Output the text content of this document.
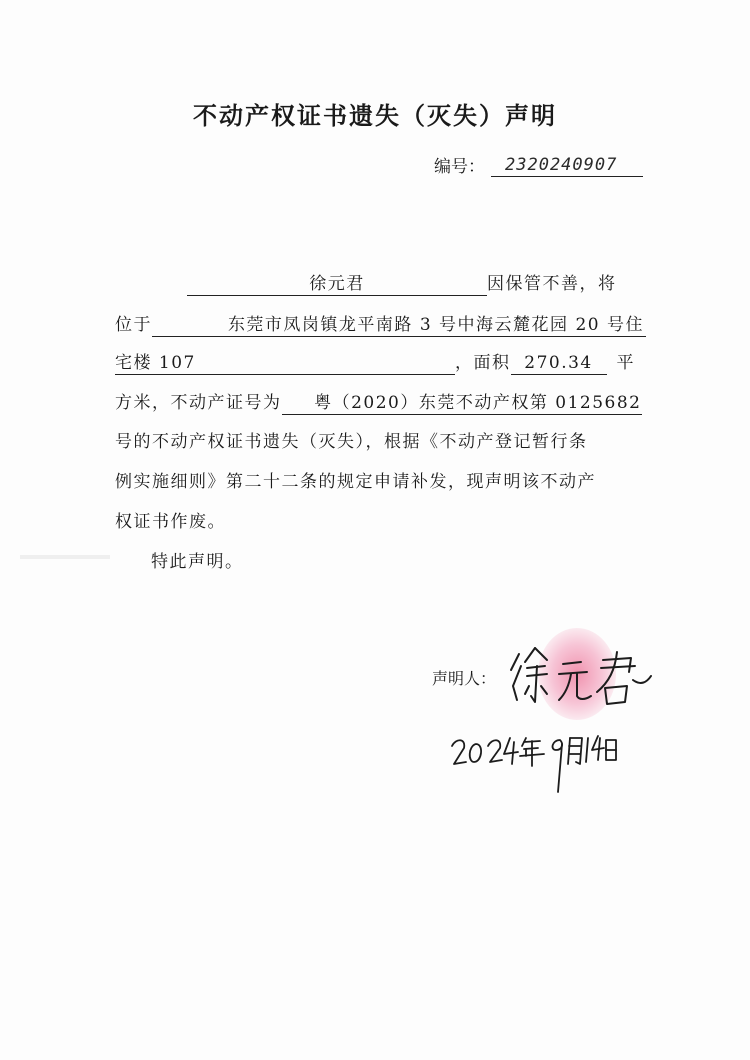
不动产权证书遗失（灭失）声明
编号：	2320240907
徐元君	因保管不善，将
位于	东莞市凤岗镇龙平南路 3 号中海云麓花园 20 号住
宅楼 107	，面积 270.34 平
方米，不动产证号为 粤（2020）东莞不动产权第 0125682
号的不动产权证书遗失（灭失），根据《不动产登记暂行条
例实施细则》第二十二条的规定申请补发，现声明该不动产
权证书作废。
特此声明。
声明人：
